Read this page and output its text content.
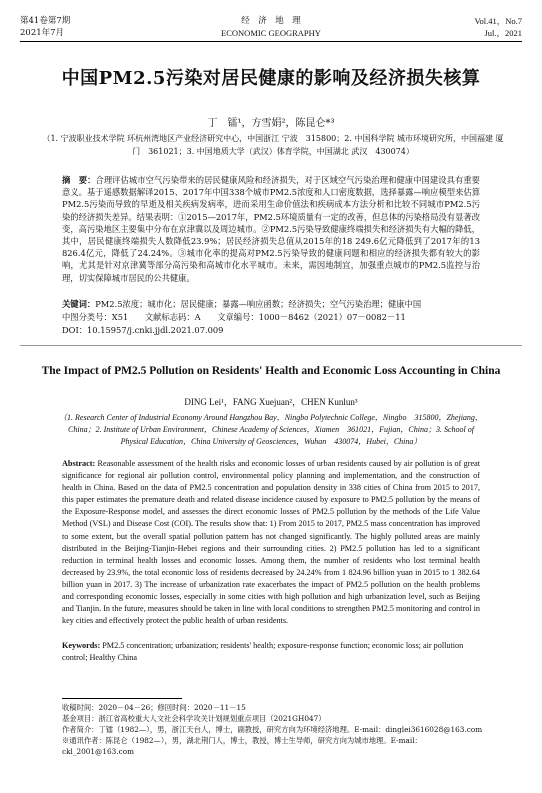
第41卷第7期
2021年7月
经　济　地　理
ECONOMIC GEOGRAPHY
Vol.41，No.7
Jul.，2021
中国PM2.5污染对居民健康的影响及经济损失核算
丁　镭¹，方雪娟²，陈昆仑*³
（1. 宁波职业技术学院 环杭州湾地区产业经济研究中心，中国浙江 宁波　315800；2. 中国科学院 城市环境研究所，中国福建 厦门　361021；3. 中国地质大学（武汉）体育学院，中国湖北 武汉　430074）
摘　要：合理评估城市空气污染带来的居民健康风险和经济损失，对于区域空气污染治理和健康中国建设具有重要意义。基于遥感数据解译2015、2017年中国338个城市PM2.5浓度和人口密度数据，选择暴露—响应模型来估算PM2.5污染而导致的早逝及相关疾病发病率，进而采用生命价值法和疾病成本方法分析和比较不同城市PM2.5污染的经济损失差异。结果表明：①2015—2017年，PM2.5环境质量有一定的改善，但总体的污染格局没有显著改变，高污染地区主要集中分布在京津冀以及周边城市。②PM2.5污染导致健康终端损失和经济损失有大幅的降低，其中，居民健康终端损失人数降低23.9%；居民经济损失总值从2015年的18 249.6亿元降低到了2017年的13 826.4亿元，降低了24.24%。③城市化率的提高对PM2.5污染导致的健康问题和相应的经济损失都有较大的影响，尤其是针对京津冀等部分高污染和高城市化水平城市。未来，需因地制宜，加强重点城市的PM2.5监控与治理，切实保障城市居民的公共健康。
关键词：PM2.5浓度；城市化；居民健康；暴露—响应函数；经济损失；空气污染治理；健康中国
中图分类号：X51　　文献标志码：A　　文章编号：1000－8462（2021）07－0082－11
DOI：10.15957/j.cnki.jjdl.2021.07.009
The Impact of PM2.5 Pollution on Residents' Health and Economic Loss Accounting in China
DING Lei¹，FANG Xuejuan²，CHEN Kunlun³
（1. Research Center of Industrial Economy Around Hangzhou Bay，Ningbo Polytechnic College，Ningbo　315800，Zhejiang，China；2. Institute of Urban Environment，Chinese Academy of Sciences，Xiamen　361021，Fujian，China；3. School of Physical Education，China University of Geosciences，Wuhan　430074，Hubei，China）
Abstract: Reasonable assessment of the health risks and economic losses of urban residents caused by air pollution is of great significance for regional air pollution control, environmental policy planning and implementation, and the construction of health in China. Based on the data of PM2.5 concentration and population density in 338 cities of China from 2015 to 2017, this paper estimates the premature death and related disease incidence caused by exposure to PM2.5 pollution by the means of the Exposure-Response model, and assesses the direct economic losses of PM2.5 pollution by the methods of the Life Value Method (VSL) and Disease Cost (COI). The results show that: 1) From 2015 to 2017, PM2.5 mass concentration has improved to some extent, but the overall spatial pollution pattern has not changed significantly. The highly polluted areas are mainly distributed in the Beijing-Tianjin-Hebei regions and their surrounding cities. 2) PM2.5 pollution has led to a significant reduction in terminal health losses and economic losses. Among them, the number of residents who lost terminal health decreased by 23.9%, the total economic loss of residents decreased by 24.24% from 1 824.96 billion yuan in 2015 to 1 382.64 billion yuan in 2017. 3) The increase of urbanization rate exacerbates the impact of PM2.5 pollution on the health problems and corresponding economic losses, especially in some cities with high pollution and high urbanization level, such as Beijing and Tianjin. In the future, measures should be taken in line with local conditions to strengthen PM2.5 monitoring and control in key cities and effectively protect the public health of urban residents.
Keywords: PM2.5 concentration; urbanization; residents' health; exposure-response function; economic loss; air pollution control; Healthy China
收稿时间：2020－04－26；修回时间：2020－11－15
基金项目：浙江省高校重大人文社会科学攻关计划规划重点项目（2021GH047）
作者简介：丁镭（1982—），男，浙江天台人，博士，副教授，研究方向为环境经济地理。E-mail：dinglei3616028@163.com
※通讯作者：陈昆仑（1982—），男，湖北荆门人，博士，教授，博士生导师，研究方向为城市地理。E-mail：ckl_2001@163.com
